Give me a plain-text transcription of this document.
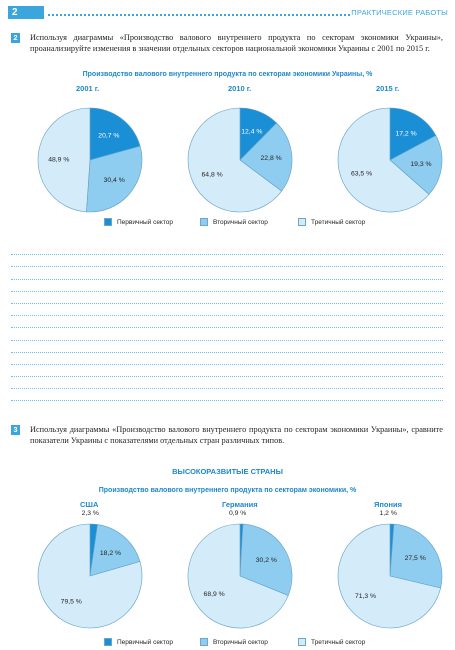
2	ПРАКТИЧЕСКИЕ РАБОТЫ
2 Используя диаграммы «Производство валового внутреннего продукта по секторам экономики Украины», проанализируйте изменения в значении отдельных секторов национальной экономики Украины с 2001 по 2015 г.
Производство валового внутреннего продукта по секторам экономики Украины, %
2001 г.
20,7 %
30,4 %
48,9 %
2010 г.
12,4 %
22,8 %
64,8 %
2015 г.
17,2 %
19,3 %
63,5 %
Первичный сектор	Вторичный сектор	Третичный сектор
3 Используя диаграммы «Производство валового внутреннего продукта по секторам экономики Украины», сравните показатели Украины с показателями отдельных стран различных типов.
ВЫСОКОРАЗВИТЫЕ СТРАНЫ
Производство валового внутреннего продукта по секторам экономики, %
США
2,3 %
18,2 %
79,5 %
Германия
0,9 %
30,2 %
68,9 %
Япония
1,2 %
27,5 %
71,3 %
Первичный сектор	Вторичный сектор	Третичный сектор
